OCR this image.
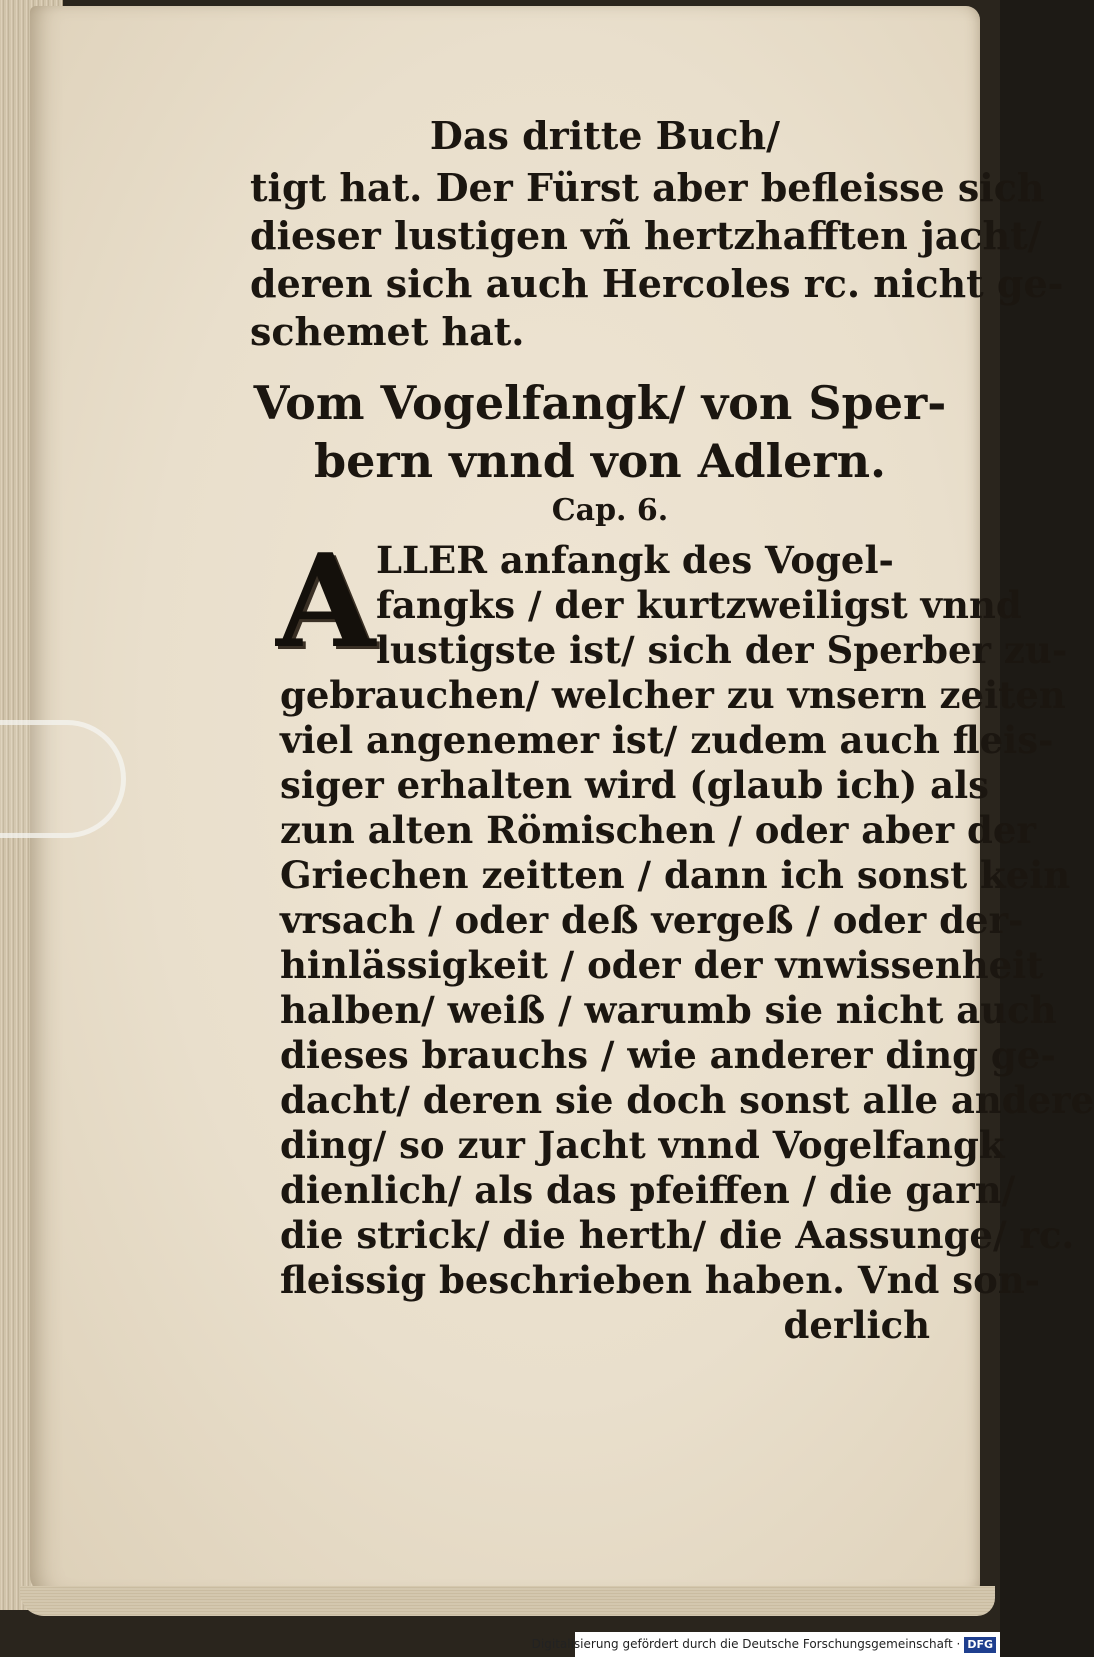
Das dritte Buch/
tigt hat. Der Fürst aber befleisse sich
dieser lustigen vñ hertzhafften jacht/
deren sich auch Hercoles rc. nicht ge-
schemet hat.
Vom Vogelfangk/ von Sper-
bern vnnd von Adlern.
Cap. 6.
A LLER anfangk des Vogel-
fangks / der kurtzweiligst vnnd
lustigste ist/ sich der Sperber zu-
gebrauchen/ welcher zu vnsern zeiten
viel angenemer ist/ zudem auch fleis-
siger erhalten wird (glaub ich) als
zun alten Römischen / oder aber der
Griechen zeitten / dann ich sonst kein
vrsach / oder deß vergeß / oder der-
hinlässigkeit / oder der vnwissenheit
halben/ weiß / warumb sie nicht auch
dieses brauchs / wie anderer ding ge-
dacht/ deren sie doch sonst alle andere
ding/ so zur Jacht vnnd Vogelfangk
dienlich/ als das pfeiffen / die garn/
die strick/ die herth/ die Aassunge/ rc.
fleissig beschrieben haben. Vnd son-
derlich
Digitalisierung gefördert durch die Deutsche Forschungsgemeinschaft · DFG
